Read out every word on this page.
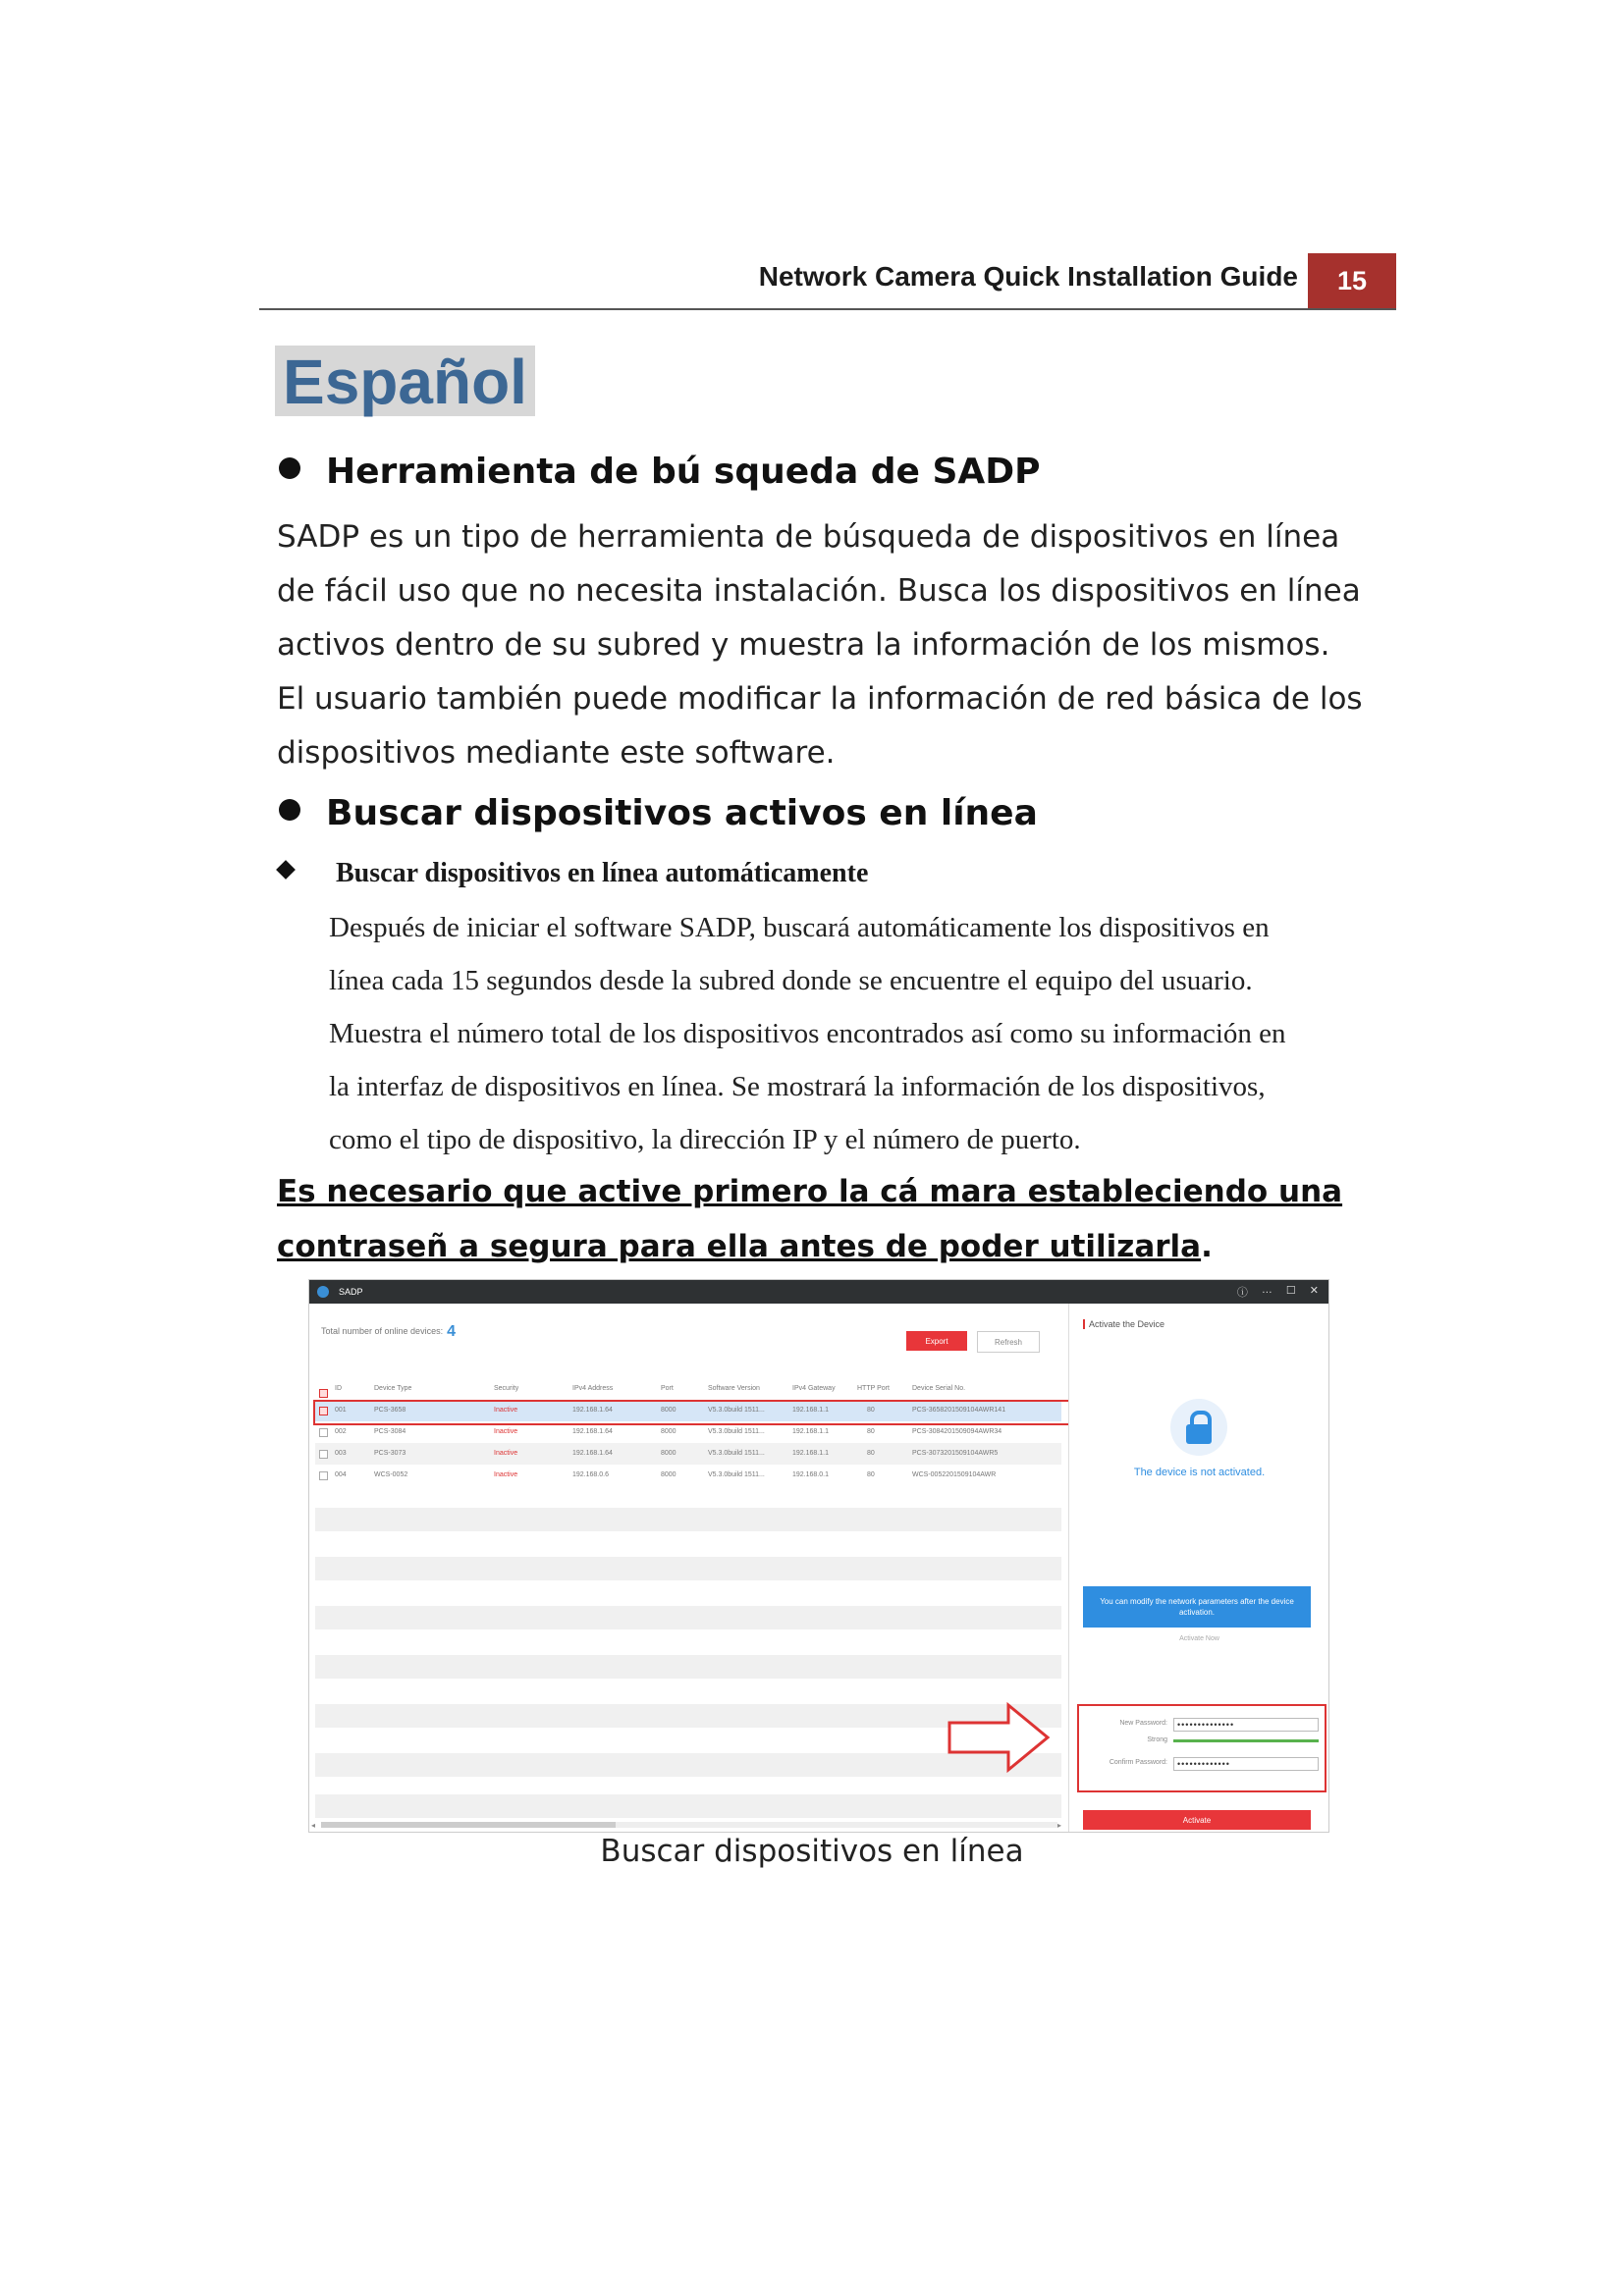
Network Camera Quick Installation Guide	15
Español
Herramienta de bú squeda de SADP

SADP es un tipo de herramienta de búsqueda de dispositivos en línea

de fácil uso que no necesita instalación. Busca los dispositivos en línea

activos dentro de su subred y muestra la información de los mismos.

El usuario también puede modificar la información de red básica de los

dispositivos mediante este software.

Buscar dispositivos activos en línea
Buscar dispositivos en línea automáticamente

Después de iniciar el software SADP, buscará automáticamente los dispositivos en

línea cada 15 segundos desde la subred donde se encuentre el equipo del usuario.

Muestra el número total de los dispositivos encontrados así como su información en

la interfaz de dispositivos en línea. Se mostrará la información de los dispositivos,

como el tipo de dispositivo, la dirección IP y el número de puerto.

Es necesario que active primero la cá mara estableciendo una

contraseñ a segura para ella antes de poder utilizarla.

SADP	ⓘ … ☐ ✕
Total number of online devices: 4
Export	Refresh
ID	Device Type	Security	IPv4 Address	Port	Software Version	IPv4 Gateway	HTTP Port	Device Serial No.
001	PCS-3658	Inactive	192.168.1.64	8000	V5.3.0build 1511...	192.168.1.1	80	PCS-3658201509104AWR141
002	PCS-3084	Inactive	192.168.1.64	8000	V5.3.0build 1511...	192.168.1.1	80	PCS-3084201509094AWR34
003	PCS-3073	Inactive	192.168.1.64	8000	V5.3.0build 1511...	192.168.1.1	80	PCS-3073201509104AWR5
004	WCS-0052	Inactive	192.168.0.6	8000	V5.3.0build 1511...	192.168.0.1	80	WCS-0052201509104AWR
◂	▸
Activate the Device
The device is not activated.
You can modify the network parameters after the device activation.
Activate Now
New Password:	••••••••••••••
Strong
Confirm Password:	•••••••••••••
Activate
Buscar dispositivos en línea
